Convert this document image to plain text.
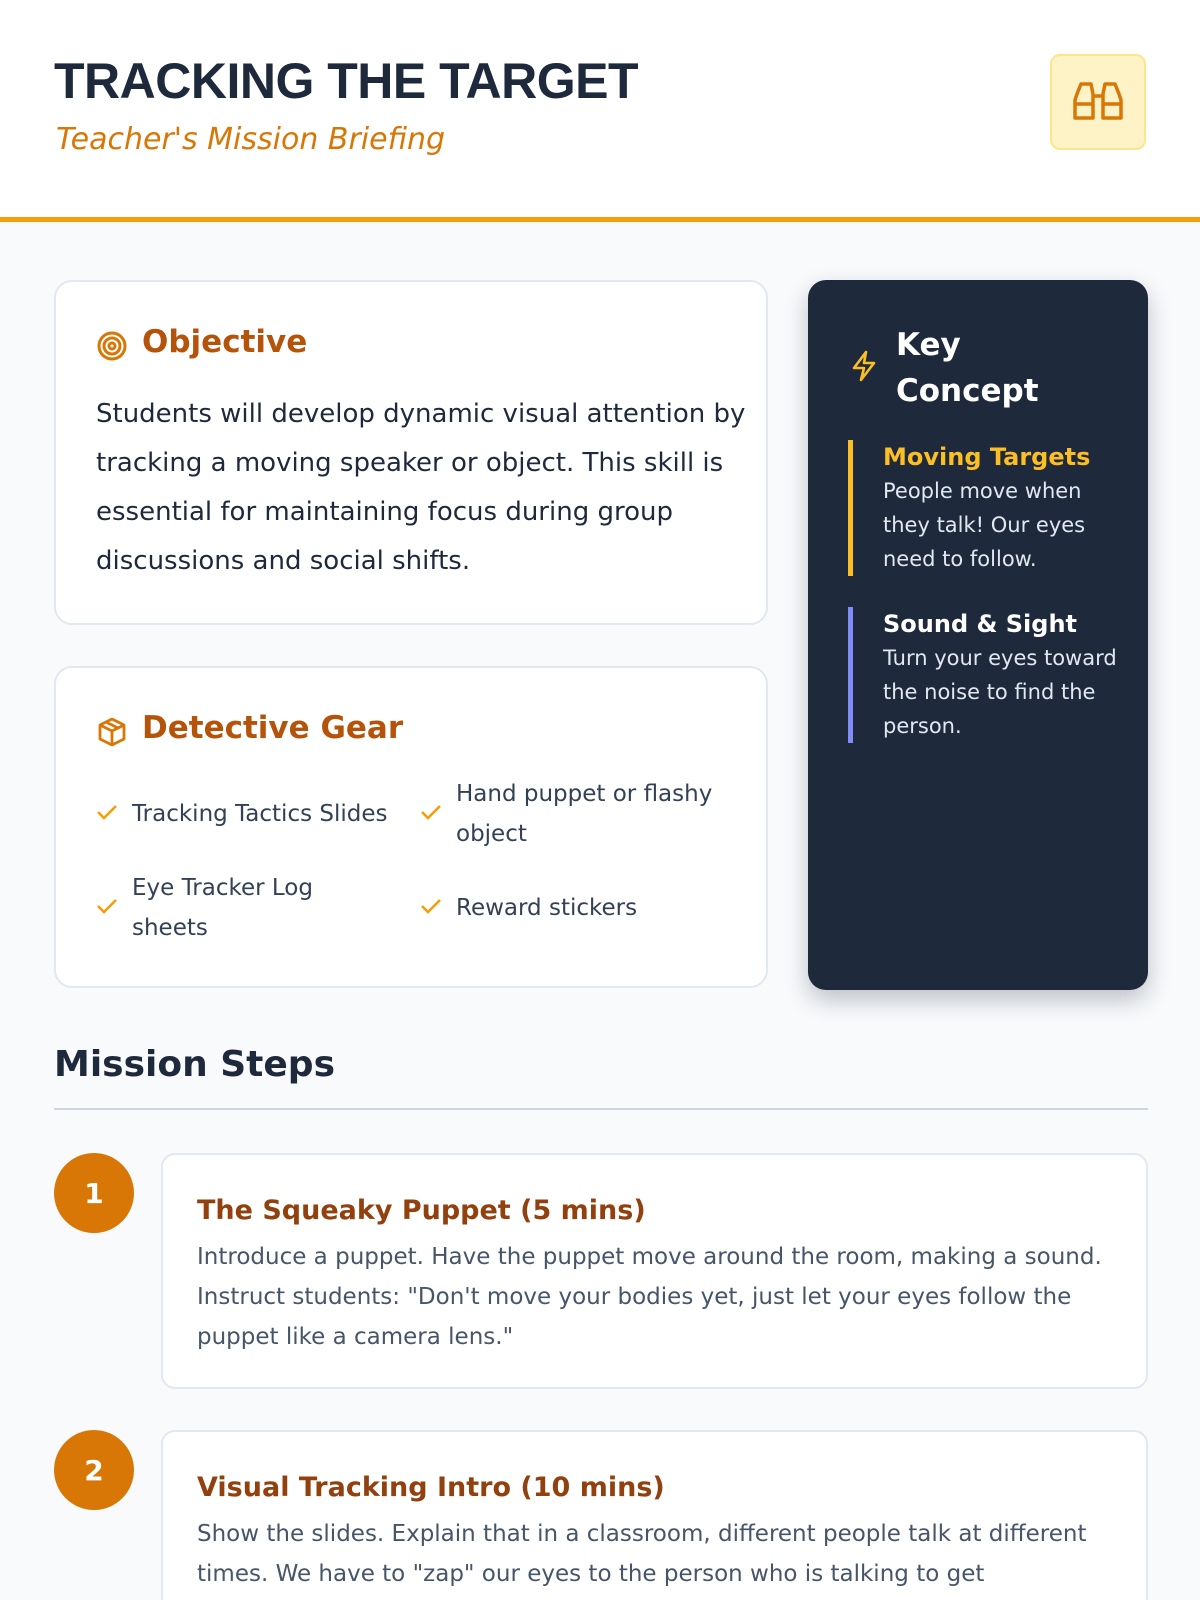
TRACKING THE TARGET
Teacher's Mission Briefing
Objective
Students will develop dynamic visual attention by tracking a moving speaker or object. This skill is essential for maintaining focus during group discussions and social shifts.
Detective Gear
Tracking Tactics Slides
Hand puppet or flashy object
Eye Tracker Log sheets
Reward stickers
Key Concept
Moving Targets
People move when they talk! Our eyes need to follow.
Sound & Sight
Turn your eyes toward the noise to find the person.
Mission Steps
1
The Squeaky Puppet (5 mins)
Introduce a puppet. Have the puppet move around the room, making a sound. Instruct students: "Don't move your bodies yet, just let your eyes follow the puppet like a camera lens."
2
Visual Tracking Intro (10 mins)
Show the slides. Explain that in a classroom, different people talk at different times. We have to "zap" our eyes to the person who is talking to get
